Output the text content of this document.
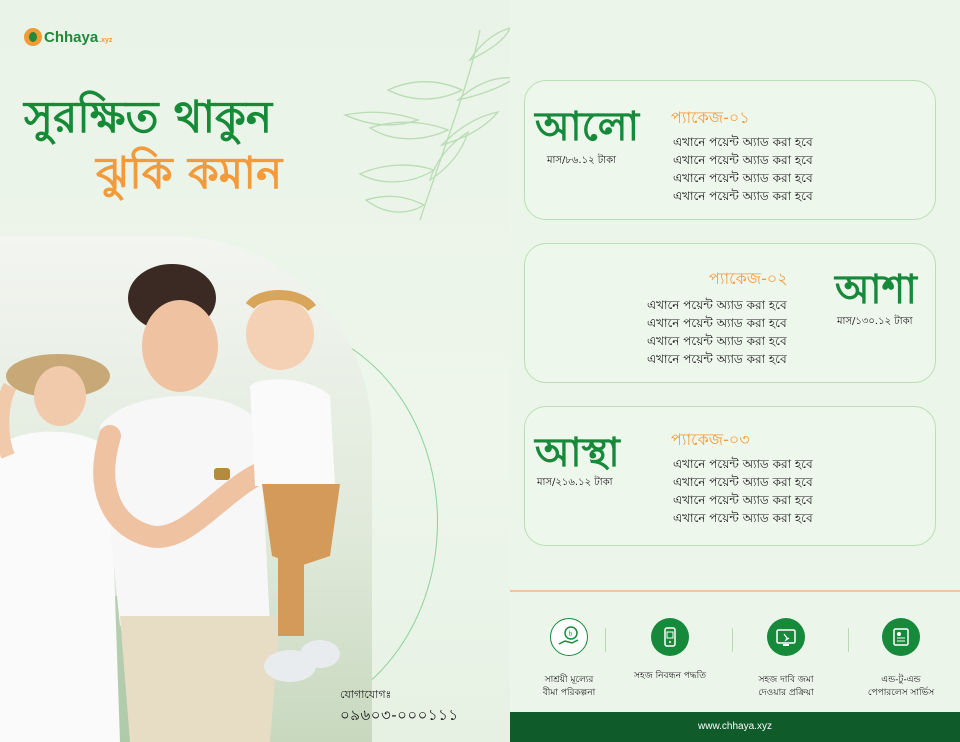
Chhaya .xyz
সুরক্ষিত থাকুন
ঝুকি কমান
যোগাযোগঃ
০৯৬০৩-০০০১১১
আলো
মাস/৮৬.১২ টাকা
প্যাকেজ-০১
এখানে পয়েন্ট অ্যাড করা হবে
এখানে পয়েন্ট অ্যাড করা হবে
এখানে পয়েন্ট অ্যাড করা হবে
এখানে পয়েন্ট অ্যাড করা হবে
প্যাকেজ-০২
এখানে পয়েন্ট অ্যাড করা হবে
এখানে পয়েন্ট অ্যাড করা হবে
এখানে পয়েন্ট অ্যাড করা হবে
এখানে পয়েন্ট অ্যাড করা হবে
আশা
মাস/১৩০.১২ টাকা
আস্থা
মাস/২১৬.১২ টাকা
প্যাকেজ-০৩
এখানে পয়েন্ট অ্যাড করা হবে
এখানে পয়েন্ট অ্যাড করা হবে
এখানে পয়েন্ট অ্যাড করা হবে
এখানে পয়েন্ট অ্যাড করা হবে
৳
সাশ্রয়ী মূল্যের
বীমা পরিকল্পনা
সহজ নিবন্ধন পদ্ধতি	সহজ দাবি জমা
দেওয়ার প্রক্রিয়া
এন্ড-টু-এন্ড
পেপারলেস সার্ভিস
www.chhaya.xyz
